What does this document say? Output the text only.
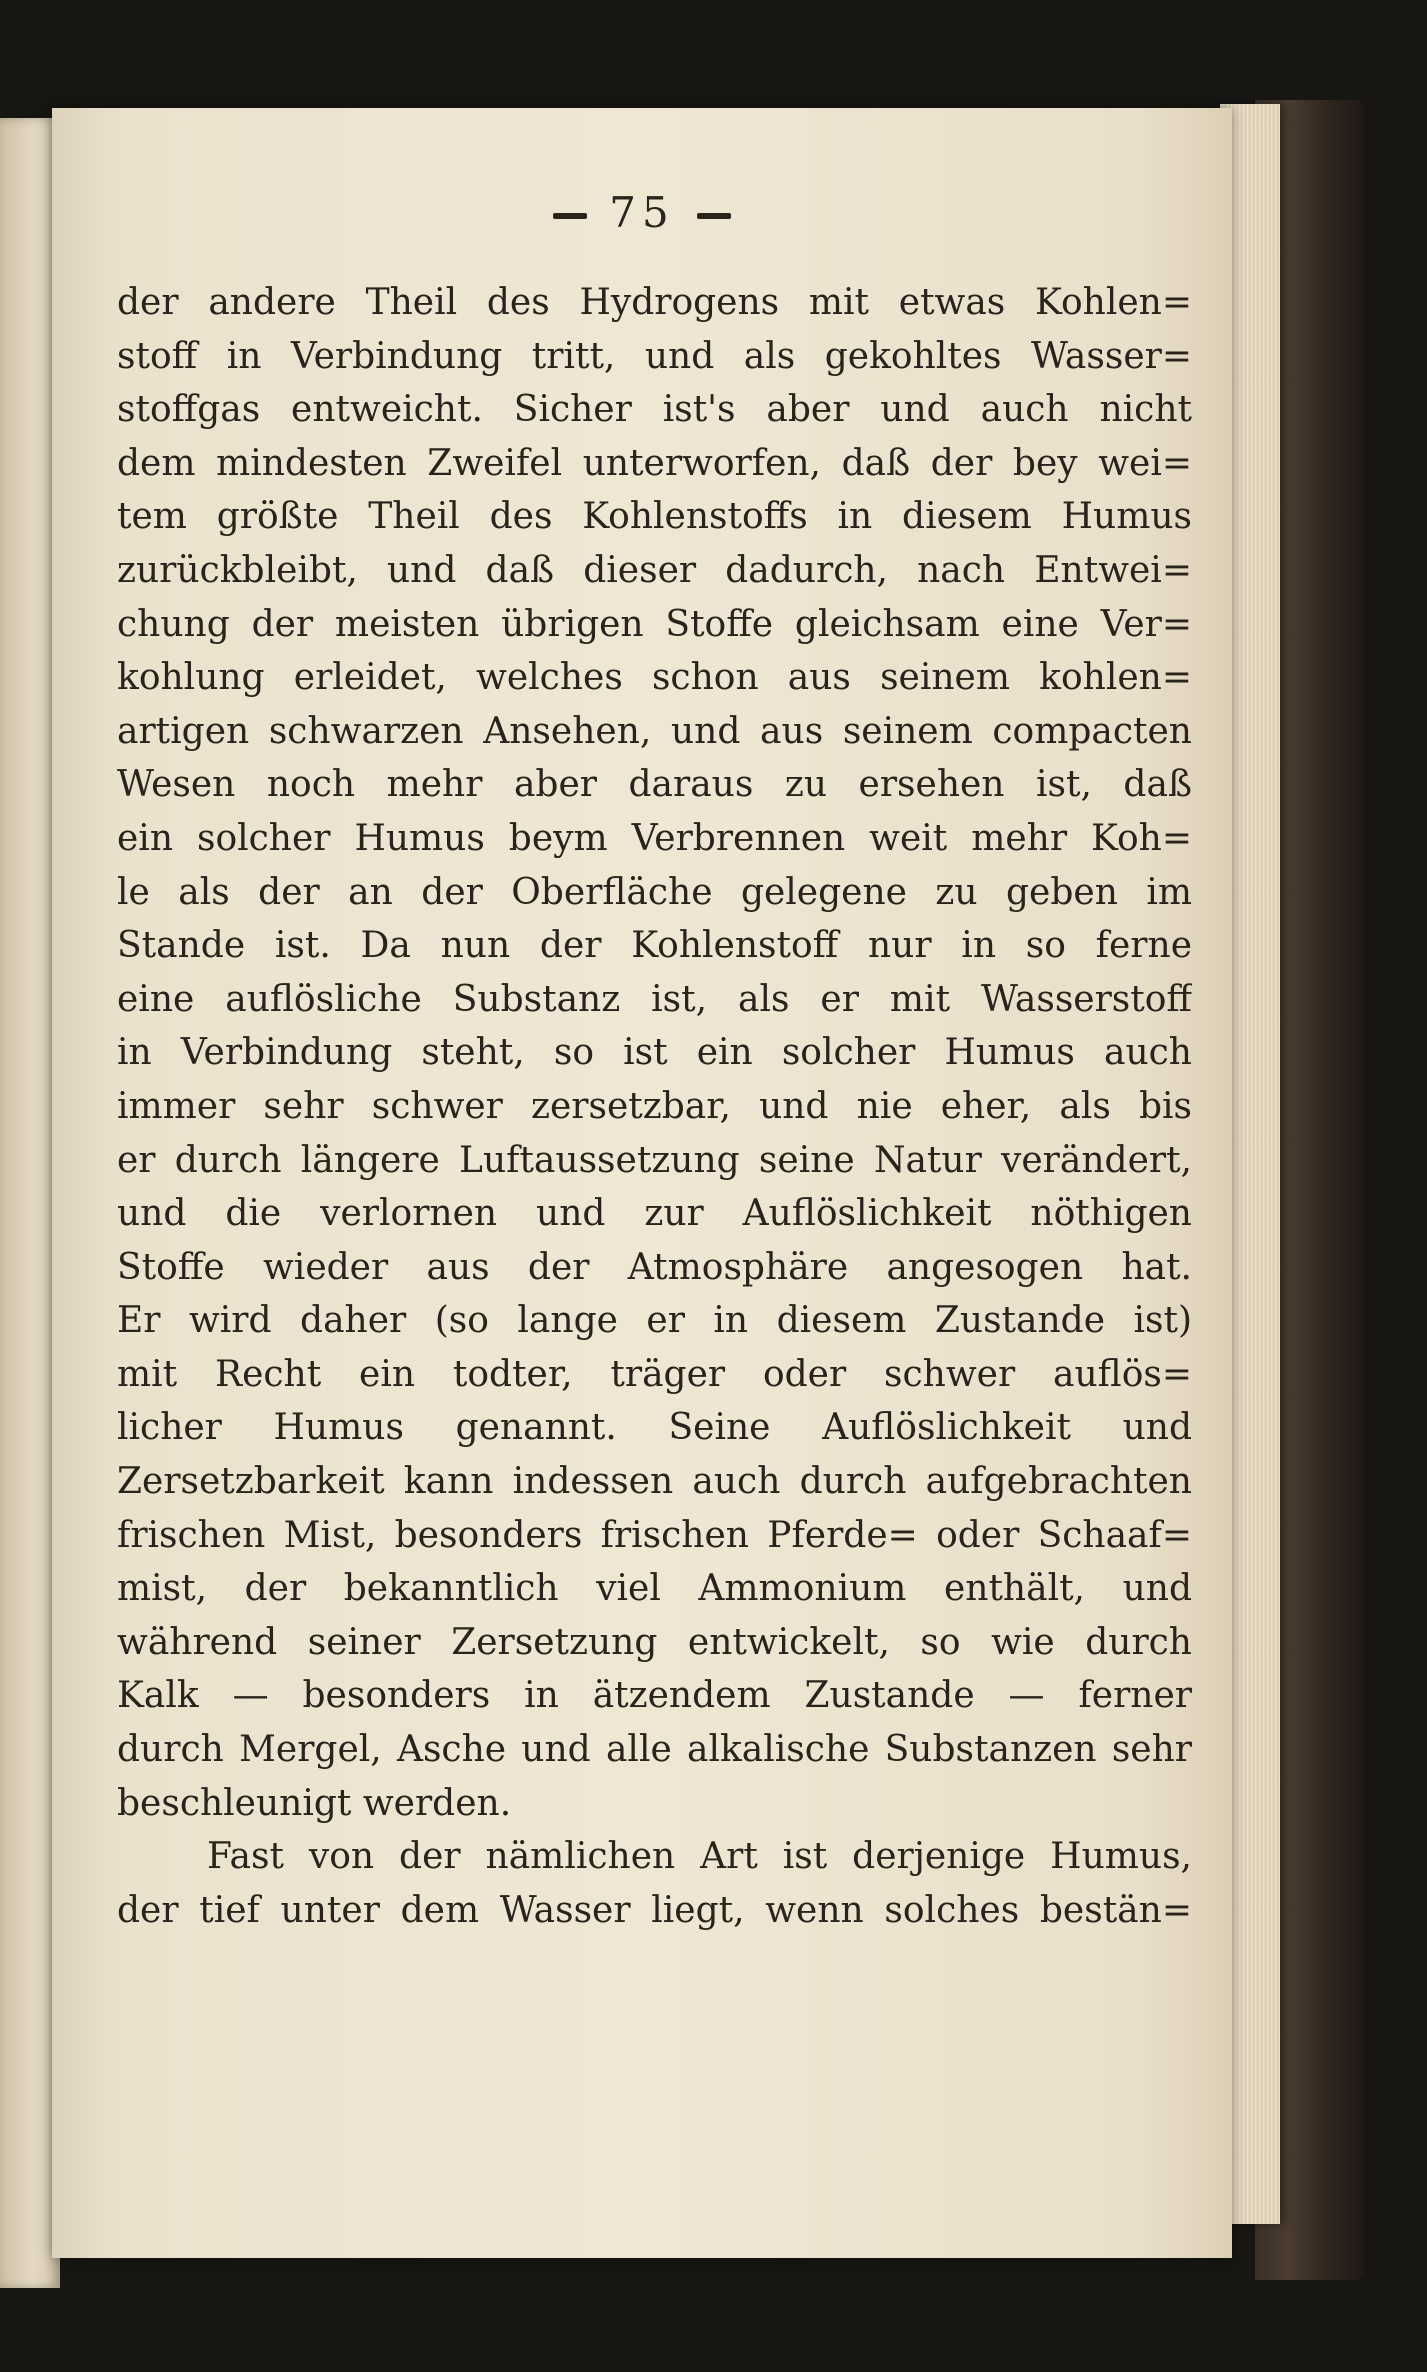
75
der andere Theil des Hydrogens mit etwas Kohlen=
stoff in Verbindung tritt, und als gekohltes Wasser=
stoffgas entweicht. Sicher ist's aber und auch nicht
dem mindesten Zweifel unterworfen, daß der bey wei=
tem größte Theil des Kohlenstoffs in diesem Humus
zurückbleibt, und daß dieser dadurch, nach Entwei=
chung der meisten übrigen Stoffe gleichsam eine Ver=
kohlung erleidet, welches schon aus seinem kohlen=
artigen schwarzen Ansehen, und aus seinem compacten
Wesen noch mehr aber daraus zu ersehen ist, daß
ein solcher Humus beym Verbrennen weit mehr Koh=
le als der an der Oberfläche gelegene zu geben im
Stande ist. Da nun der Kohlenstoff nur in so ferne
eine auflösliche Substanz ist, als er mit Wasserstoff
in Verbindung steht, so ist ein solcher Humus auch
immer sehr schwer zersetzbar, und nie eher, als bis
er durch längere Luftaussetzung seine Natur verändert,
und die verlornen und zur Auflöslichkeit nöthigen
Stoffe wieder aus der Atmosphäre angesogen hat.
Er wird daher (so lange er in diesem Zustande ist)
mit Recht ein todter, träger oder schwer auflös=
licher Humus genannt. Seine Auflöslichkeit und
Zersetzbarkeit kann indessen auch durch aufgebrachten
frischen Mist, besonders frischen Pferde= oder Schaaf=
mist, der bekanntlich viel Ammonium enthält, und
während seiner Zersetzung entwickelt, so wie durch
Kalk — besonders in ätzendem Zustande — ferner
durch Mergel, Asche und alle alkalische Substanzen sehr
beschleunigt werden.
Fast von der nämlichen Art ist derjenige Humus,
der tief unter dem Wasser liegt, wenn solches bestän=
